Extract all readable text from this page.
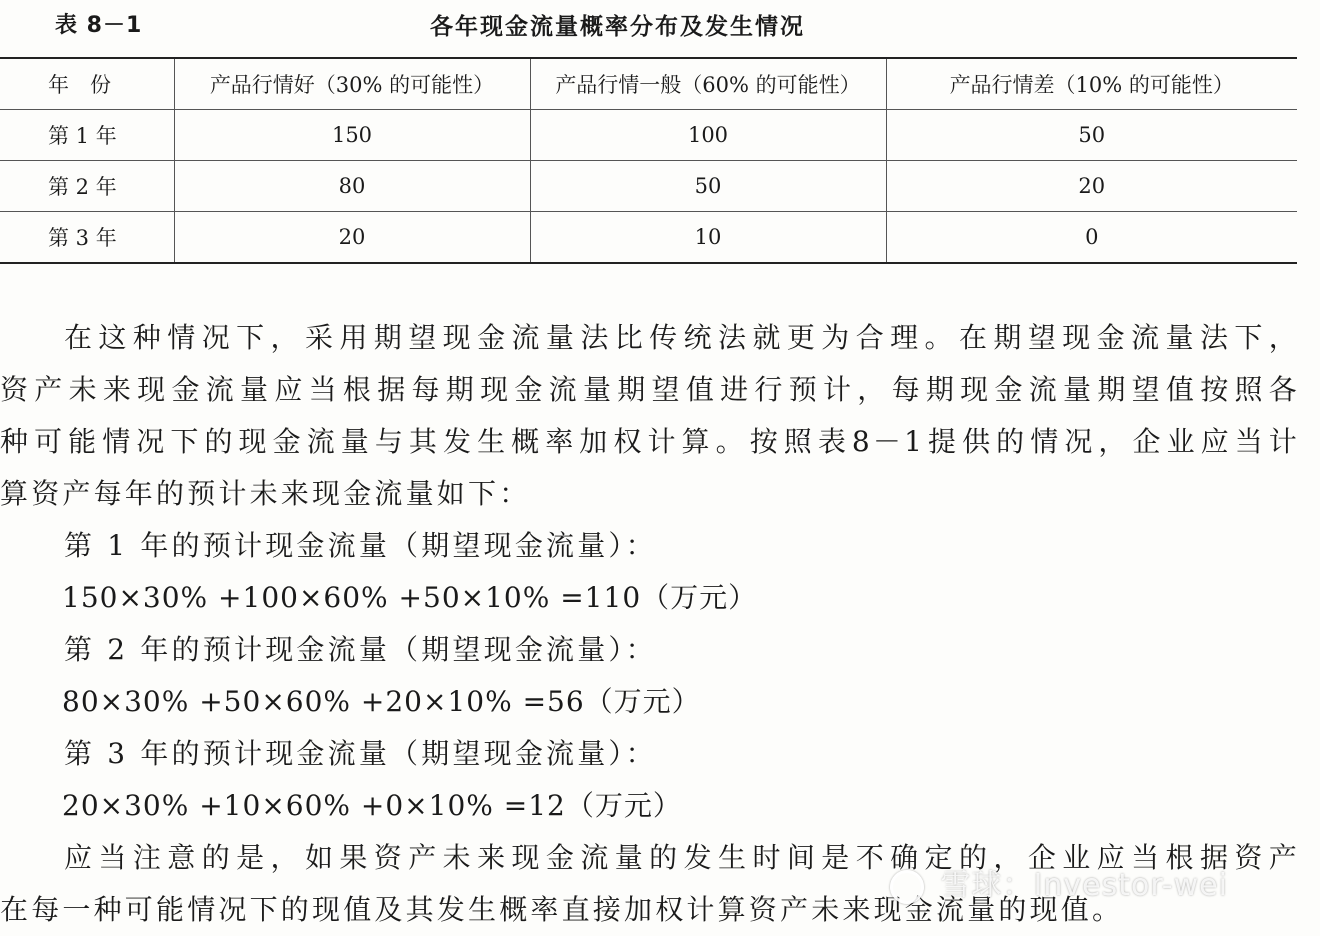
表 8－1	各年现金流量概率分布及发生情况
年　份	产品行情好（30% 的可能性）	产品行情一般（60% 的可能性）	产品行情差（10% 的可能性）
第 1 年	150	100	50
第 2 年	80	50	20
第 3 年	20	10	0

在这种情况下，采用期望现金流量法比传统法就更为合理。在期望现金流量法下，

资产未来现金流量应当根据每期现金流量期望值进行预计，每期现金流量期望值按照各

种可能情况下的现金流量与其发生概率加权计算。按照表8－1提供的情况，企业应当计

算资产每年的预计未来现金流量如下：

第 1 年的预计现金流量（期望现金流量）：

150×30% +100×60% +50×10% =110（万元）

第 2 年的预计现金流量（期望现金流量）：

80×30% +50×60% +20×10% =56（万元）

第 3 年的预计现金流量（期望现金流量）：

20×30% +10×60% +0×10% =12（万元）

应当注意的是，如果资产未来现金流量的发生时间是不确定的，企业应当根据资产

在每一种可能情况下的现值及其发生概率直接加权计算资产未来现金流量的现值。

雪球：Investor-wei
